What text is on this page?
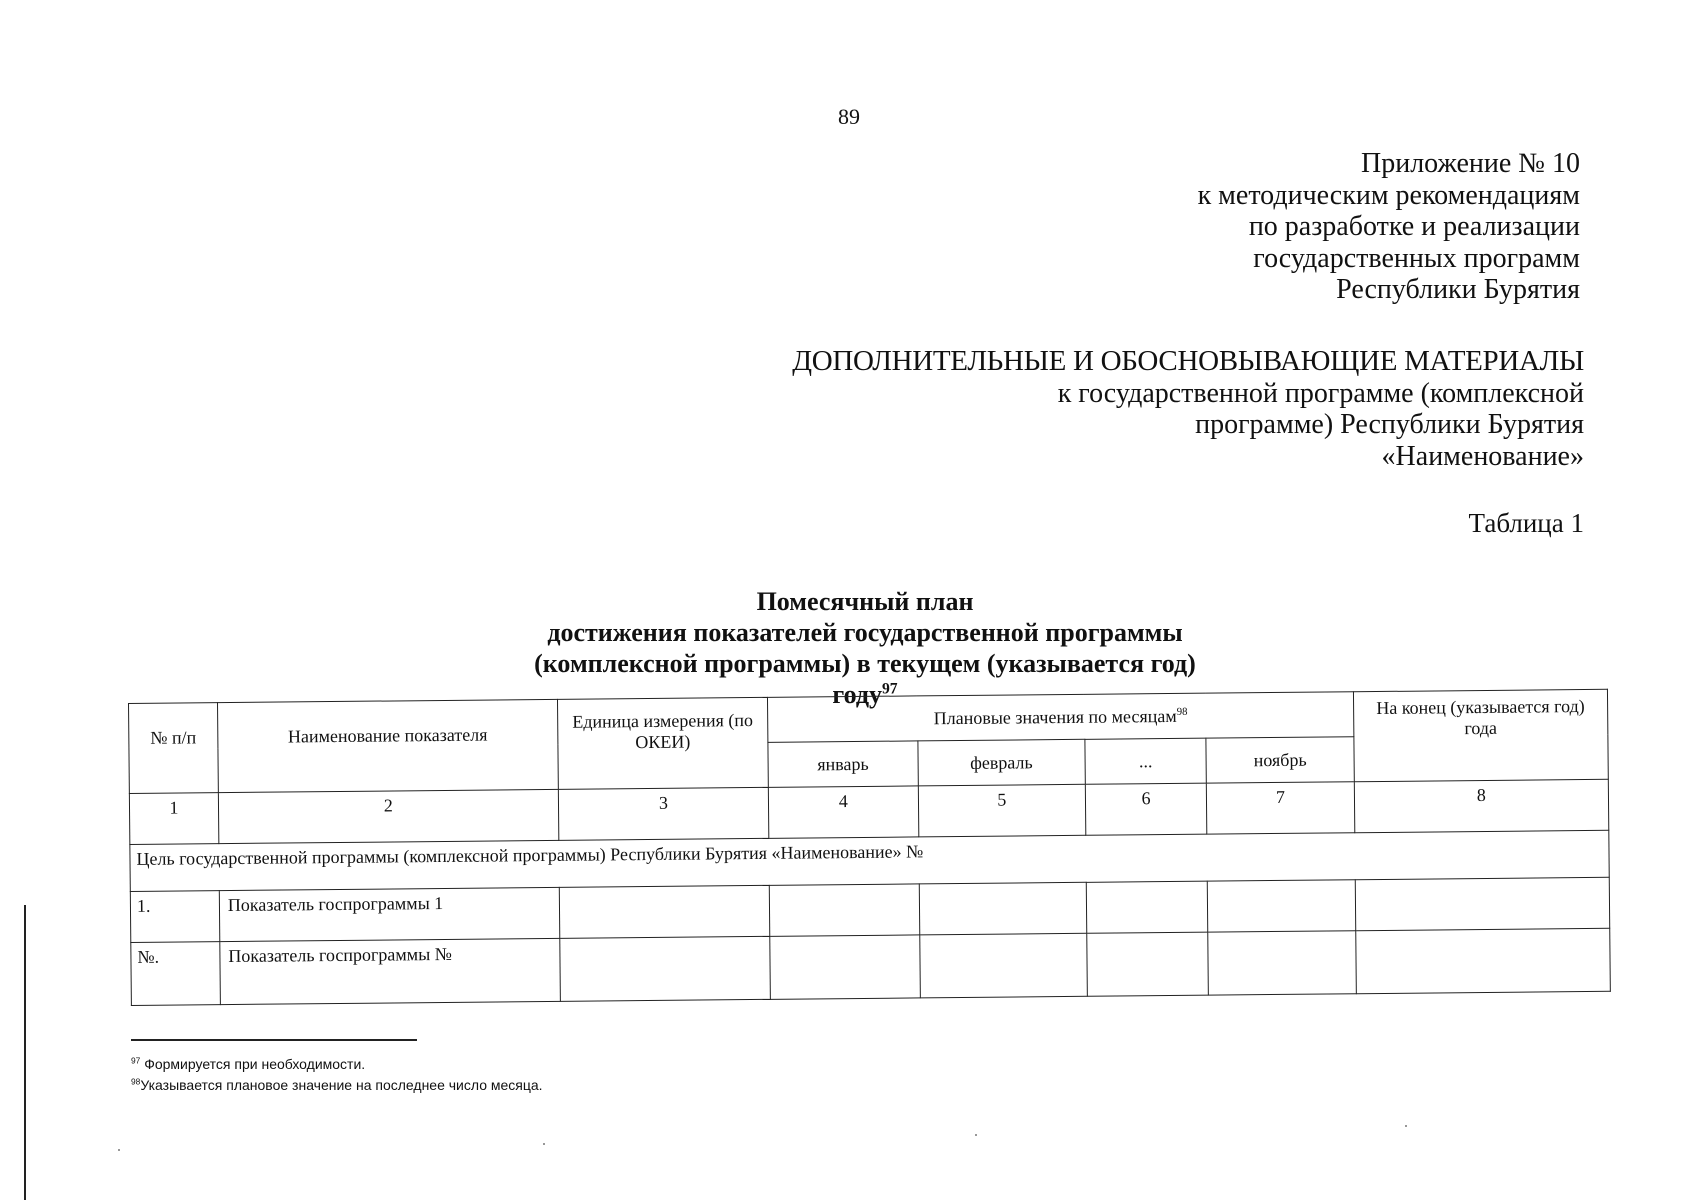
89
Приложение № 10
к методическим рекомендациям
по разработке и реализации
государственных программ
Республики Бурятия
ДОПОЛНИТЕЛЬНЫЕ И ОБОСНОВЫВАЮЩИЕ МАТЕРИАЛЫ
к государственной программе (комплексной
программе) Республики Бурятия
«Наименование»
Таблица 1
Помесячный план
достижения показателей государственной программы
(комплексной программы) в текущем (указывается год)
году$^{97}$
№ п/п	Наименование показателя	Единица измерения (по ОКЕИ)	Плановые значения по месяцам$^{98}$				На конец (указывается год) года
			январь	февраль	...	ноябрь	
1	2	3	4	5	6	7	8
Цель государственной программы (комплексной программы) Республики Бурятия «Наименование» №							
1.	Показатель госпрограммы 1						
№.	Показатель госпрограммы №						
$^{97}$ Формируется при необходимости.
$^{98}$Указывается плановое значение на последнее число месяца.
